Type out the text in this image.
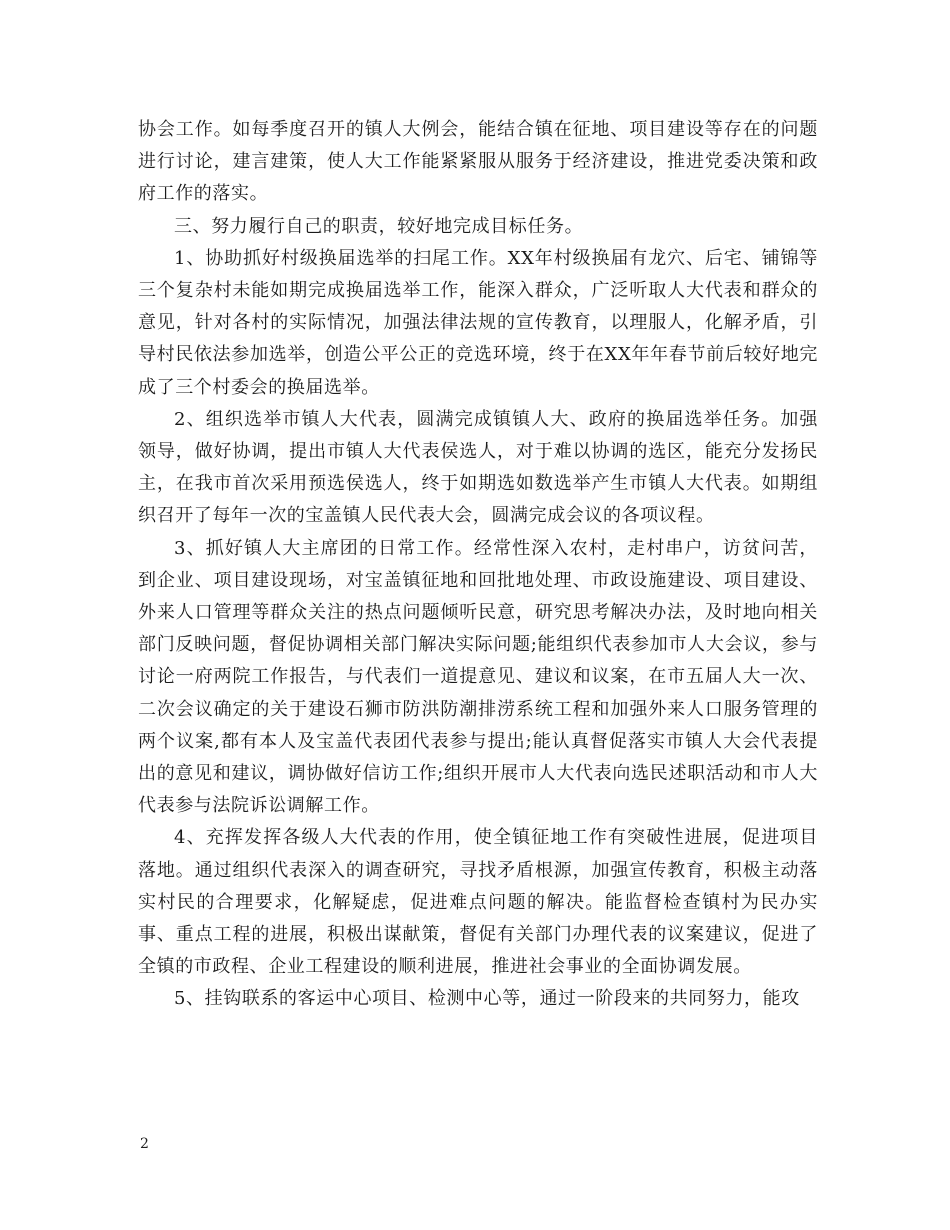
协会工作。如每季度召开的镇人大例会，能结合镇在征地、项目建设等存在的问题进行讨论，建言建策，使人大工作能紧紧服从服务于经济建设，推进党委决策和政府工作的落实。

三、努力履行自己的职责，较好地完成目标任务。

1、协助抓好村级换届选举的扫尾工作。XX年村级换届有龙穴、后宅、铺锦等三个复杂村未能如期完成换届选举工作，能深入群众，广泛听取人大代表和群众的意见，针对各村的实际情况，加强法律法规的宣传教育，以理服人，化解矛盾，引导村民依法参加选举，创造公平公正的竞选环境，终于在XX年年春节前后较好地完成了三个村委会的换届选举。

2、组织选举市镇人大代表，圆满完成镇镇人大、政府的换届选举任务。加强领导，做好协调，提出市镇人大代表侯选人，对于难以协调的选区，能充分发扬民主，在我市首次采用预选侯选人，终于如期选如数选举产生市镇人大代表。如期组织召开了每年一次的宝盖镇人民代表大会，圆满完成会议的各项议程。

3、抓好镇人大主席团的日常工作。经常性深入农村，走村串户，访贫问苦，到企业、项目建设现场，对宝盖镇征地和回批地处理、市政设施建设、项目建设、外来人口管理等群众关注的热点问题倾听民意，研究思考解决办法，及时地向相关部门反映问题，督促协调相关部门解决实际问题;能组织代表参加市人大会议，参与讨论一府两院工作报告，与代表们一道提意见、建议和议案，在市五届人大一次、二次会议确定的关于建设石狮市防洪防潮排涝系统工程和加强外来人口服务管理的两个议案,都有本人及宝盖代表团代表参与提出;能认真督促落实市镇人大会代表提出的意见和建议，调协做好信访工作;组织开展市人大代表向选民述职活动和市人大代表参与法院诉讼调解工作。

4、充挥发挥各级人大代表的作用，使全镇征地工作有突破性进展，促进项目落地。通过组织代表深入的调查研究，寻找矛盾根源，加强宣传教育，积极主动落实村民的合理要求，化解疑虑，促进难点问题的解决。能监督检查镇村为民办实事、重点工程的进展，积极出谋献策，督促有关部门办理代表的议案建议，促进了全镇的市政程、企业工程建设的顺利进展，推进社会事业的全面协调发展。

5、挂钩联系的客运中心项目、检测中心等，通过一阶段来的共同努力，能攻

2
